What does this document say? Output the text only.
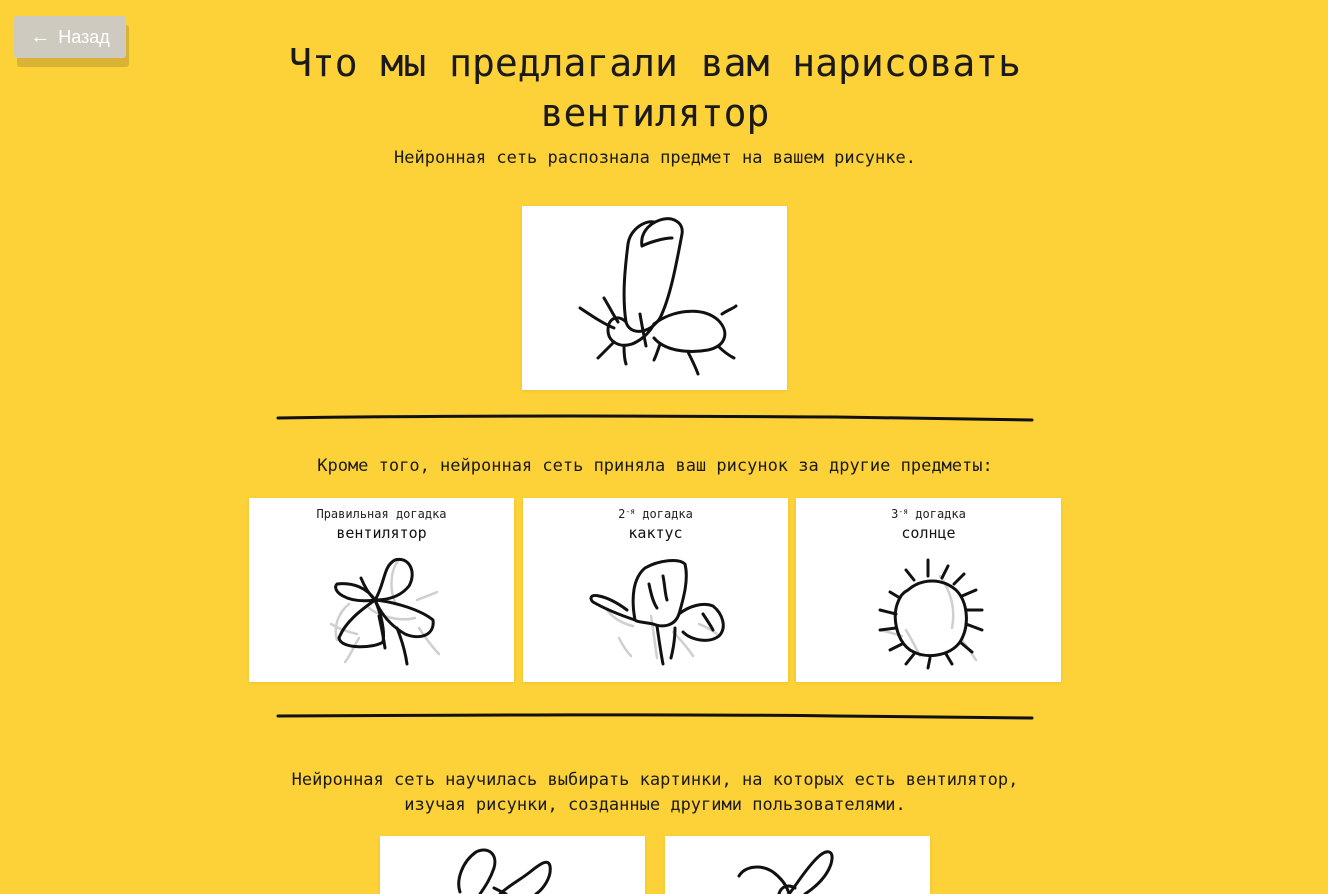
← Назад
Что мы предлагали вам нарисовать
вентилятор
Нейронная сеть распознала предмет на вашем рисунке.
Кроме того, нейронная сеть приняла ваш рисунок за другие предметы:
Правильная догадка
вентилятор
$2^{-я}$ догадка
кактус
$3^{-я}$ догадка
солнце
Нейронная сеть научилась выбирать картинки, на которых есть вентилятор,
изучая рисунки, созданные другими пользователями.
